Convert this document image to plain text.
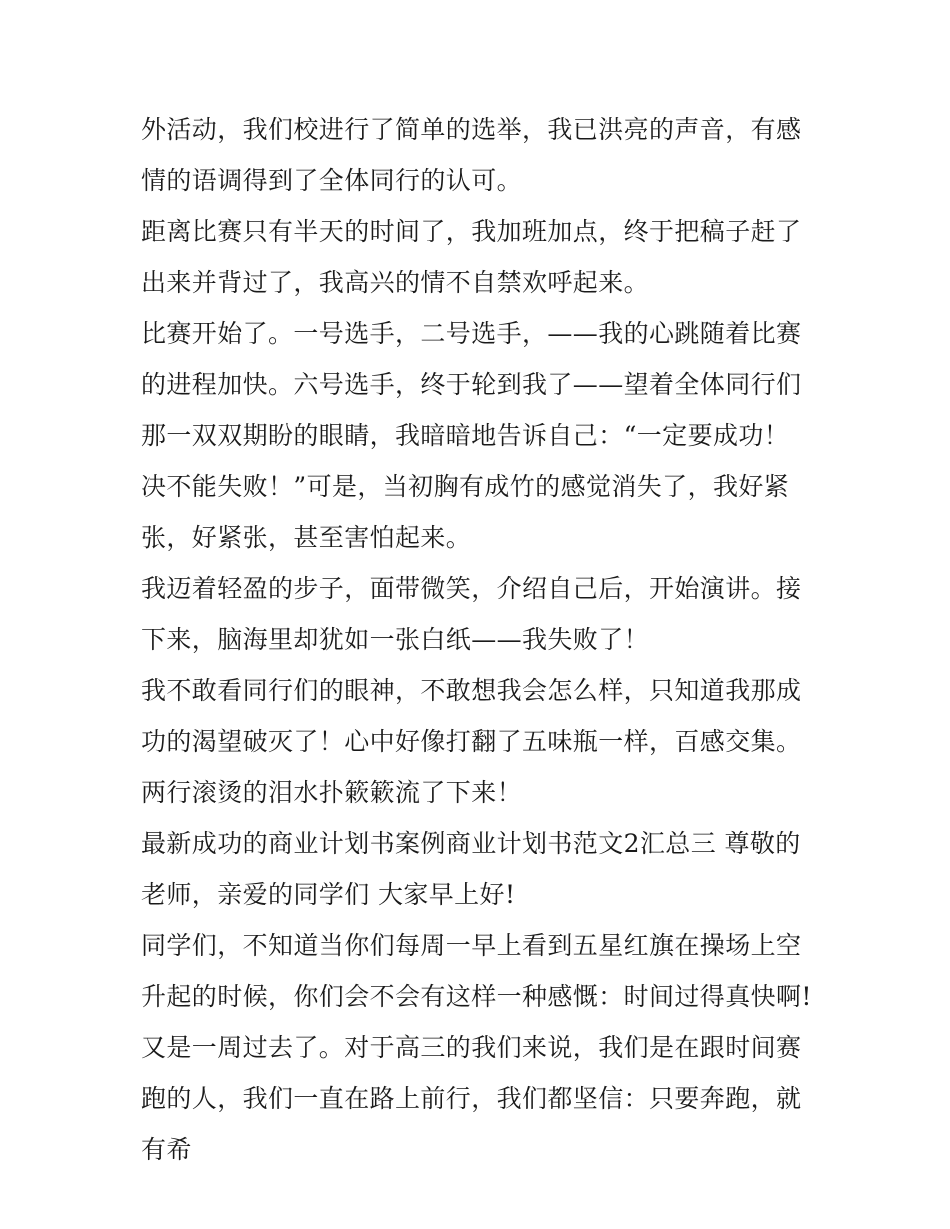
外活动，我们校进行了简单的选举，我已洪亮的声音，有感情的语调得到了全体同行的认可。

距离比赛只有半天的时间了，我加班加点，终于把稿子赶了出来并背过了，我高兴的情不自禁欢呼起来。

比赛开始了。一号选手，二号选手，——我的心跳随着比赛的进程加快。六号选手，终于轮到我了——望着全体同行们那一双双期盼的眼睛，我暗暗地告诉自己：“一定要成功！决不能失败！”可是，当初胸有成竹的感觉消失了，我好紧张，好紧张，甚至害怕起来。

我迈着轻盈的步子，面带微笑，介绍自己后，开始演讲。接下来，脑海里却犹如一张白纸——我失败了！

我不敢看同行们的眼神，不敢想我会怎么样，只知道我那成功的渴望破灭了！心中好像打翻了五味瓶一样，百感交集。 两行滚烫的泪水扑簌簌流了下来！

最新成功的商业计划书案例商业计划书范文2汇总三 尊敬的老师，亲爱的同学们 大家早上好!

同学们，不知道当你们每周一早上看到五星红旗在操场上空升起的时候，你们会不会有这样一种感慨：时间过得真快啊!又是一周过去了。对于高三的我们来说，我们是在跟时间赛跑的人，我们一直在路上前行，我们都坚信：只要奔跑，就有希
